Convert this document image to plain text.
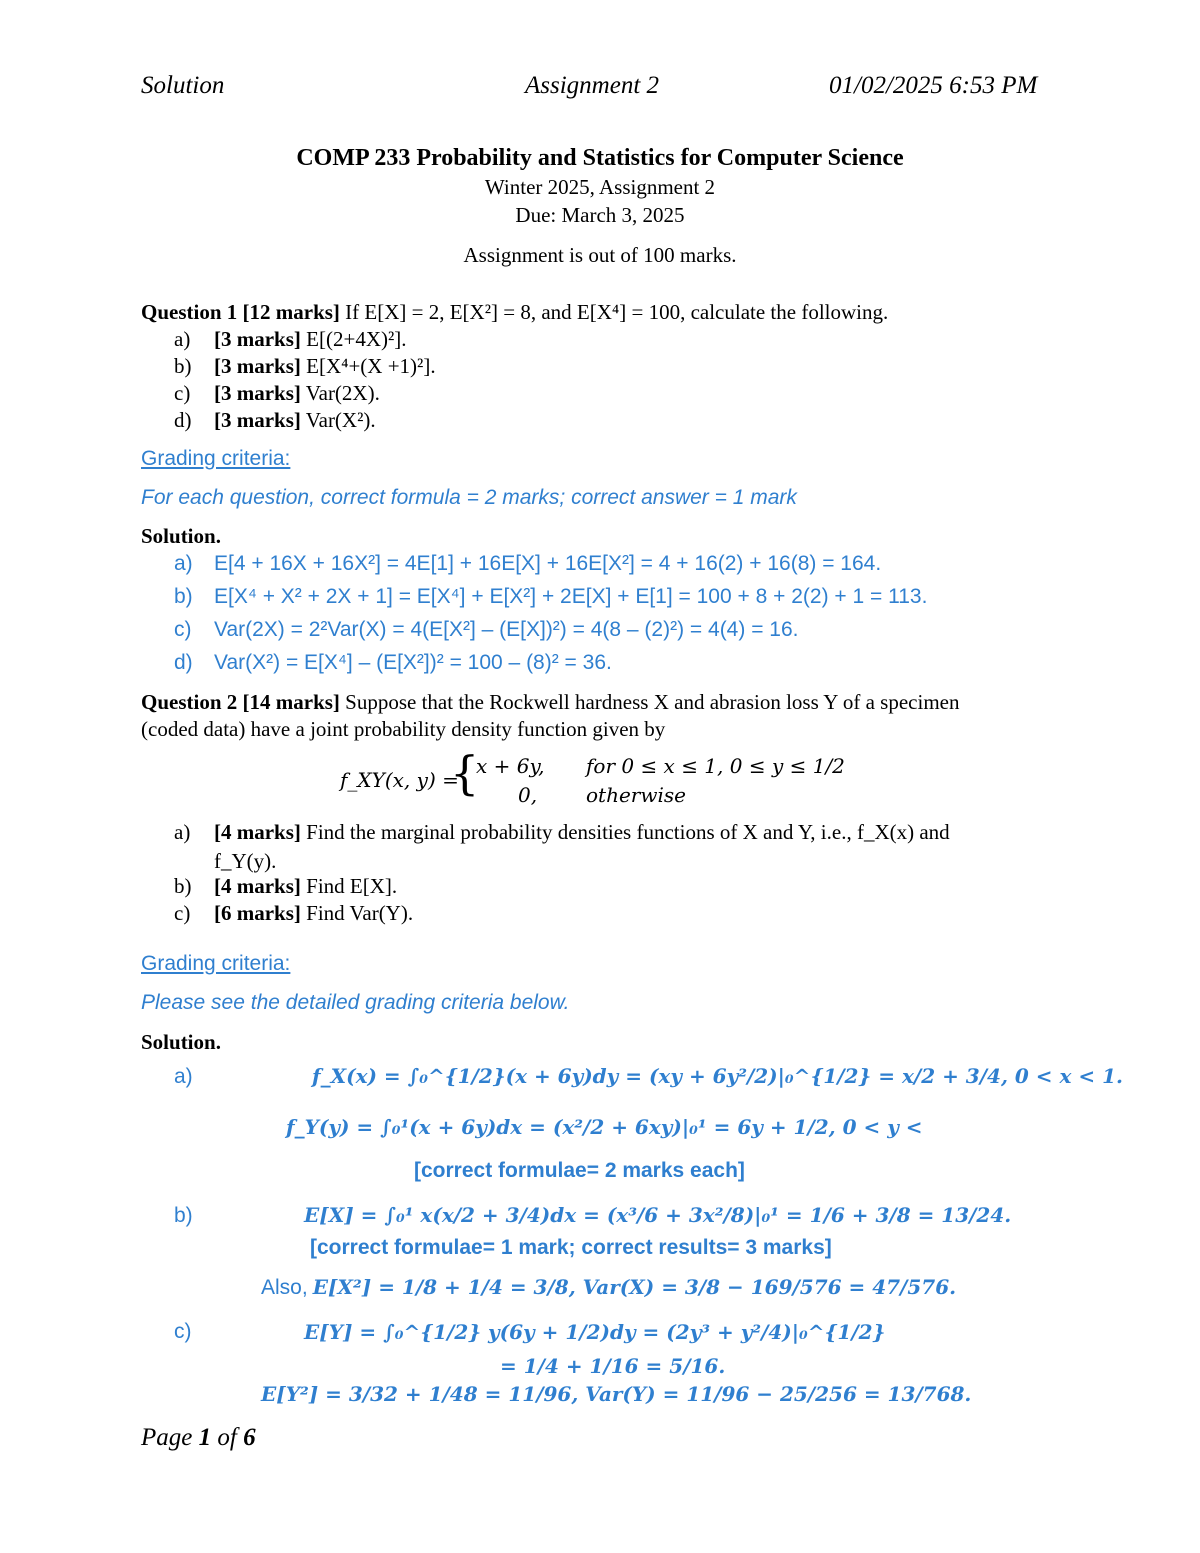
Solution	Assignment 2	01/02/2025 6:53 PM
COMP 233 Probability and Statistics for Computer Science
Winter 2025, Assignment 2
Due: March 3, 2025
Assignment is out of 100 marks.
Question 1 [12 marks] If E[X] = 2, E[X²] = 8, and E[X⁴] = 100, calculate the following.
a) [3 marks] E[(2+4X)²].
b) [3 marks] E[X⁴+(X +1)²].
c) [3 marks] Var(2X).
d) [3 marks] Var(X²).
Grading criteria:
For each question, correct formula = 2 marks; correct answer = 1 mark
Solution.
a) E[4 + 16X + 16X²] = 4E[1] + 16E[X] + 16E[X²] = 4 + 16(2) + 16(8) = 164.
b) E[X⁴ + X² + 2X + 1] = E[X⁴] + E[X²] + 2E[X] + E[1] = 100 + 8 + 2(2) + 1 = 113.
c) Var(2X) = 2²Var(X) = 4(E[X²] – (E[X])²) = 4(8 – (2)²) = 4(4) = 16.
d) Var(X²) = E[X⁴] – (E[X²])² = 100 – (8)² = 36.
Question 2 [14 marks] Suppose that the Rockwell hardness X and abrasion loss Y of a specimen
(coded data) have a joint probability density function given by
f_XY(x, y) =
{
x + 6y, for 0 ≤ x ≤ 1, 0 ≤ y ≤ 1/2
0, otherwise
a) [4 marks] Find the marginal probability densities functions of X and Y, i.e., f_X(x) and
f_Y(y).
b) [4 marks] Find E[X].
c) [6 marks] Find Var(Y).
Grading criteria:
Please see the detailed grading criteria below.
Solution.
a)	f_X(x) = ∫₀^{1/2}(x + 6y)dy = (xy + 6y²/2)|₀^{1/2} = x/2 + 3/4, 0 < x < 1.
f_Y(y) = ∫₀¹(x + 6y)dx = (x²/2 + 6xy)|₀¹ = 6y + 1/2, 0 < y <
[correct formulae= 2 marks each]
b)	E[X] = ∫₀¹ x(x/2 + 3/4)dx = (x³/6 + 3x²/8)|₀¹ = 1/6 + 3/8 = 13/24.
[correct formulae= 1 mark; correct results= 3 marks]
Also, E[X²] = 1/8 + 1/4 = 3/8, Var(X) = 3/8 − 169/576 = 47/576.
c)	E[Y] = ∫₀^{1/2} y(6y + 1/2)dy = (2y³ + y²/4)|₀^{1/2}
= 1/4 + 1/16 = 5/16.
E[Y²] = 3/32 + 1/48 = 11/96, Var(Y) = 11/96 − 25/256 = 13/768.
Page 1 of 6
